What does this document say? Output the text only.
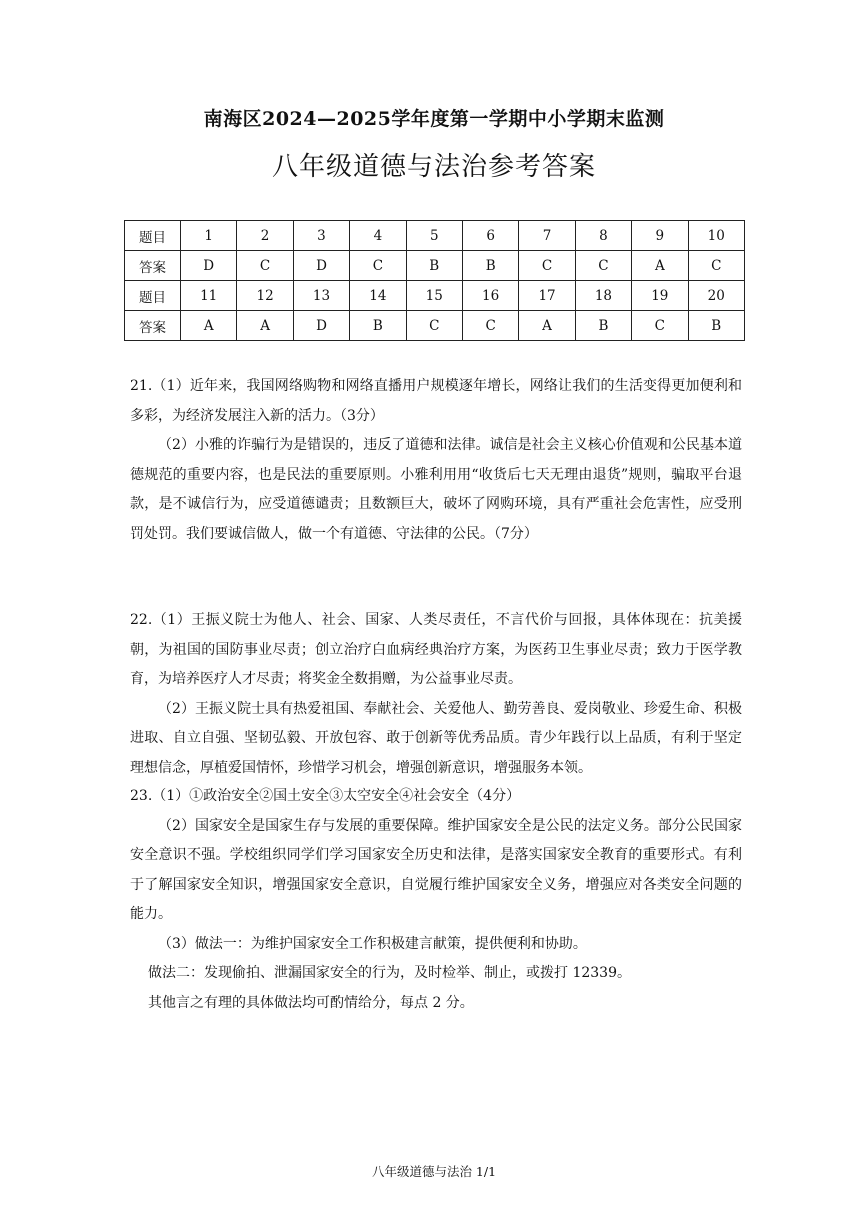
南海区2024—2025学年度第一学期中小学期末监测
八年级道德与法治参考答案
题目	1	2	3	4	5	6	7	8	9	10
答案	D	C	D	C	B	B	C	C	A	C
题目	11	12	13	14	15	16	17	18	19	20
答案	A	A	D	B	C	C	A	B	C	B

21.（1）近年来，我国网络购物和网络直播用户规模逐年增长，网络让我们的生活变得更加便利和多彩，为经济发展注入新的活力。（3分）

（2）小雅的诈骗行为是错误的，违反了道德和法律。诚信是社会主义核心价值观和公民基本道德规范的重要内容，也是民法的重要原则。小雅利用用“收货后七天无理由退货”规则，骗取平台退款，是不诚信行为，应受道德谴责；且数额巨大，破坏了网购环境，具有严重社会危害性，应受刑罚处罚。我们要诚信做人，做一个有道德、守法律的公民。（7分）

22.（1）王振义院士为他人、社会、国家、人类尽责任，不言代价与回报，具体体现在：抗美援朝，为祖国的国防事业尽责；创立治疗白血病经典治疗方案，为医药卫生事业尽责；致力于医学教育，为培养医疗人才尽责；将奖金全数捐赠，为公益事业尽责。

（2）王振义院士具有热爱祖国、奉献社会、关爱他人、勤劳善良、爱岗敬业、珍爱生命、积极进取、自立自强、坚韧弘毅、开放包容、敢于创新等优秀品质。青少年践行以上品质，有利于坚定理想信念，厚植爱国情怀，珍惜学习机会，增强创新意识，增强服务本领。

23.（1）①政治安全②国土安全③太空安全④社会安全（4分）

（2）国家安全是国家生存与发展的重要保障。维护国家安全是公民的法定义务。部分公民国家安全意识不强。学校组织同学们学习国家安全历史和法律，是落实国家安全教育的重要形式。有利于了解国家安全知识，增强国家安全意识，自觉履行维护国家安全义务，增强应对各类安全问题的能力。

（3）做法一：为维护国家安全工作积极建言献策，提供便利和协助。

做法二：发现偷拍、泄漏国家安全的行为，及时检举、制止，或拨打 12339。

其他言之有理的具体做法均可酌情给分，每点 2 分。

八年级道德与法治 1/1
